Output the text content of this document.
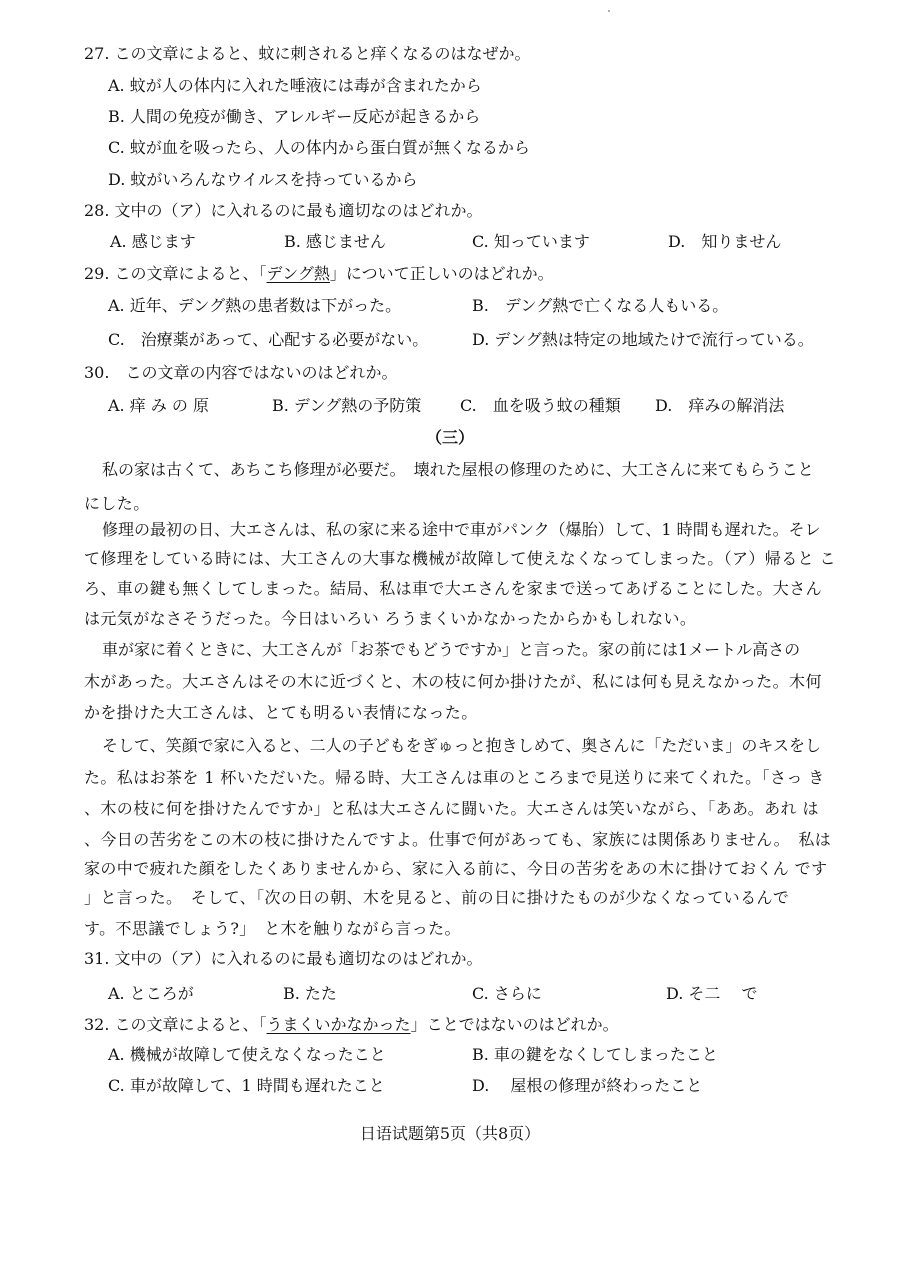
27. この文章によると、蚊に刺されると痒くなるのはなぜか。
A. 蚊が人の体内に入れた唾液には毒が含まれたから
B. 人間の免疫が働き、アレルギー反応が起きるから
C. 蚊が血を吸ったら、人の体内から蛋白質が無くなるから
D. 蚊がいろんなウイルスを持っているから
28. 文中の（ア）に入れるのに最も適切なのはどれか。
A. 感じます	B. 感じません	C. 知っています	D.　知りません
29. この文章によると、「デング熱」について正しいのはどれか。
A. 近年、デング熱の患者数は下がった。	B.　デング熱で亡くなる人もいる。
C.　治療薬があって、心配する必要がない。	D. デング熱は特定の地域たけで流行っている。
30.　この文章の内容ではないのはどれか。
A. 痒 み の 原	B. デング熱の予防策 C.　血を吸う蚊の種類 D.　痒みの解消法
（三）
私の家は古くて、あちこち修理が必要だ。　壊れた屋根の修理のために、大工さんに来てもらうこと
にした。
修理の最初の日、大エさんは、私の家に来る途中で車がパンク（爆胎）して、1 時間も遅れた。そレ
て修理をしている時には、大工さんの大事な機械が故障して使えなくなってしまった。（ア）帰ると こ
ろ、車の鍵も無くしてしまった。結局、私は車で大エさんを家まで送ってあげることにした。大さん
は元気がなさそうだった。今日はいろい ろうまくいかなかったからかもしれない。
車が家に着くときに、大工さんが「お茶でもどうですか」と言った。家の前には1メートル高さの
木があった。大エさんはその木に近づくと、木の枝に何か掛けたが、私には何も見えなかった。木何
かを掛けた大工さんは、とても明るい表情になった。
そして、笑顔で家に入ると、二人の子どもをぎゅっと抱きしめて、奥さんに「ただいま」のキスをし
た。私はお茶を 1 杯いただいた。帰る時、大工さんは車のところまで見送りに来てくれた。「さっ き
、木の枝に何を掛けたんですか」と私は大エさんに闘いた。大エさんは笑いながら、「ああ。あれ は
、今日の苦劣をこの木の枝に掛けたんですよ。仕事で何があっても、家族には関係ありません。　私は
家の中で疲れた顔をしたくありませんから、家に入る前に、今日の苦劣をあの木に掛けておくん です
」と言った。　そして、「次の日の朝、木を見ると、前の日に掛けたものが少なくなっているんで
す。不思議でしょう?」　と木を触りながら言った。
31. 文中の（ア）に入れるのに最も適切なのはどれか。
A. ところが	B. たた	C. さらに	D. そ二　 で
32. この文章によると、「うまくいかなかった」ことではないのはどれか。
A. 機械が故障して使えなくなったこと	B. 車の鍵をなくしてしまったこと
C. 車が故障して、1 時間も遅れたこと	D.　 屋根の修理が終わったこと
日语试题第5页（共8页）
